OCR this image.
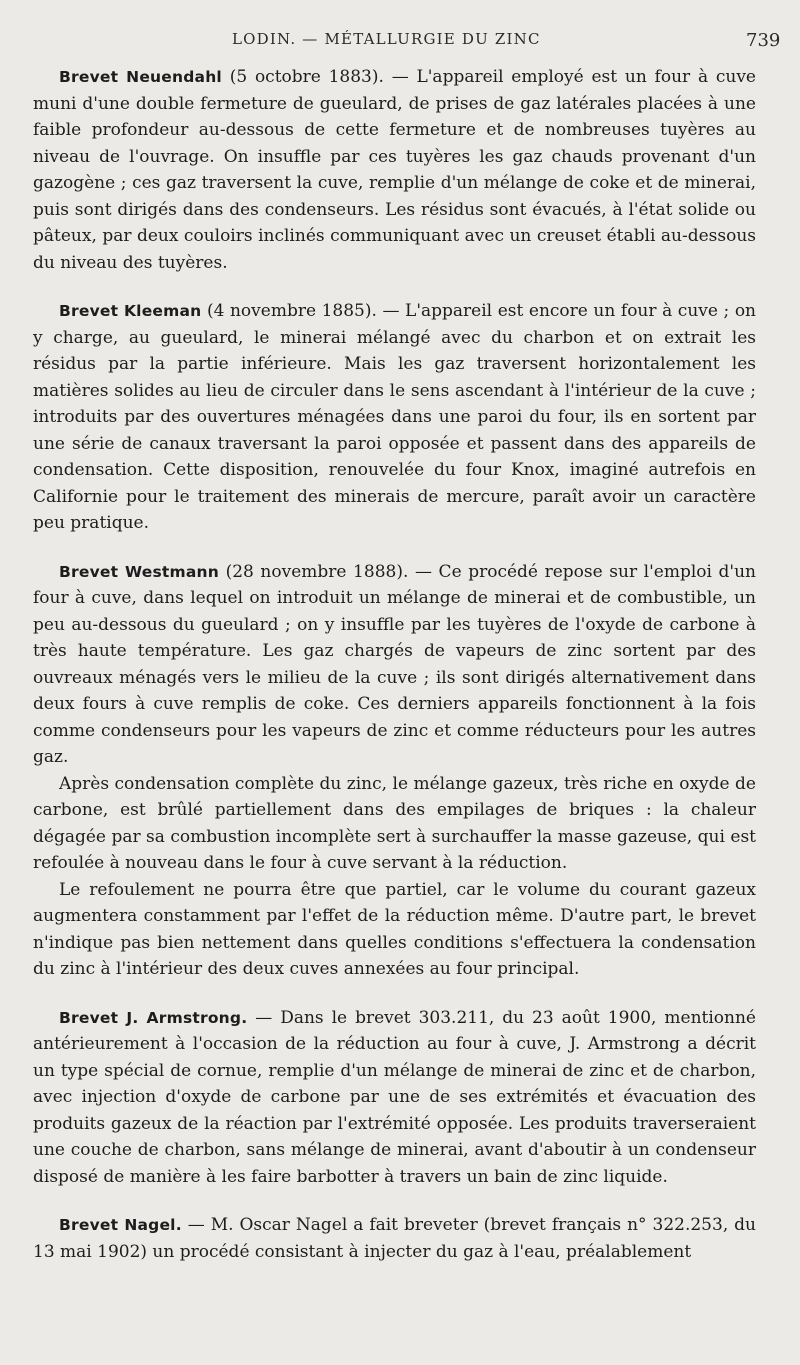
LODIN. — MÉTALLURGIE DU ZINC	739

Brevet Neuendahl (5 octobre 1883). — L'appareil employé est un four à cuve muni d'une double fermeture de gueulard, de prises de gaz latérales placées à une faible profondeur au-dessous de cette fermeture et de nombreuses tuyères au niveau de l'ouvrage. On insuffle par ces tuyères les gaz chauds provenant d'un gazogène ; ces gaz traversent la cuve, remplie d'un mélange de coke et de minerai, puis sont dirigés dans des condenseurs. Les résidus sont évacués, à l'état solide ou pâteux, par deux couloirs inclinés communiquant avec un creuset établi au-dessous du niveau des tuyères.

Brevet Kleeman (4 novembre 1885). — L'appareil est encore un four à cuve ; on y charge, au gueulard, le minerai mélangé avec du charbon et on extrait les résidus par la partie inférieure. Mais les gaz traversent horizontalement les matières solides au lieu de circuler dans le sens ascendant à l'intérieur de la cuve ; introduits par des ouvertures ménagées dans une paroi du four, ils en sortent par une série de canaux traversant la paroi opposée et passent dans des appareils de condensation. Cette disposition, renouvelée du four Knox, imaginé autrefois en Californie pour le traitement des minerais de mercure, paraît avoir un caractère peu pratique.

Brevet Westmann (28 novembre 1888). — Ce procédé repose sur l'emploi d'un four à cuve, dans lequel on introduit un mélange de minerai et de combustible, un peu au-dessous du gueulard ; on y insuffle par les tuyères de l'oxyde de carbone à très haute température. Les gaz chargés de vapeurs de zinc sortent par des ouvreaux ménagés vers le milieu de la cuve ; ils sont dirigés alternativement dans deux fours à cuve remplis de coke. Ces derniers appareils fonctionnent à la fois comme condenseurs pour les vapeurs de zinc et comme réducteurs pour les autres gaz.

Après condensation complète du zinc, le mélange gazeux, très riche en oxyde de carbone, est brûlé partiellement dans des empilages de briques : la chaleur dégagée par sa combustion incomplète sert à surchauffer la masse gazeuse, qui est refoulée à nouveau dans le four à cuve servant à la réduction.

Le refoulement ne pourra être que partiel, car le volume du courant gazeux augmentera constamment par l'effet de la réduction même. D'autre part, le brevet n'indique pas bien nettement dans quelles conditions s'effectuera la condensation du zinc à l'intérieur des deux cuves annexées au four principal.

Brevet J. Armstrong. — Dans le brevet 303.211, du 23 août 1900, mentionné antérieurement à l'occasion de la réduction au four à cuve, J. Armstrong a décrit un type spécial de cornue, remplie d'un mélange de minerai de zinc et de charbon, avec injection d'oxyde de carbone par une de ses extrémités et évacuation des produits gazeux de la réaction par l'extrémité opposée. Les produits traverseraient une couche de charbon, sans mélange de minerai, avant d'aboutir à un condenseur disposé de manière à les faire barbotter à travers un bain de zinc liquide.

Brevet Nagel. — M. Oscar Nagel a fait breveter (brevet français n° 322.253, du 13 mai 1902) un procédé consistant à injecter du gaz à l'eau, préalablement
